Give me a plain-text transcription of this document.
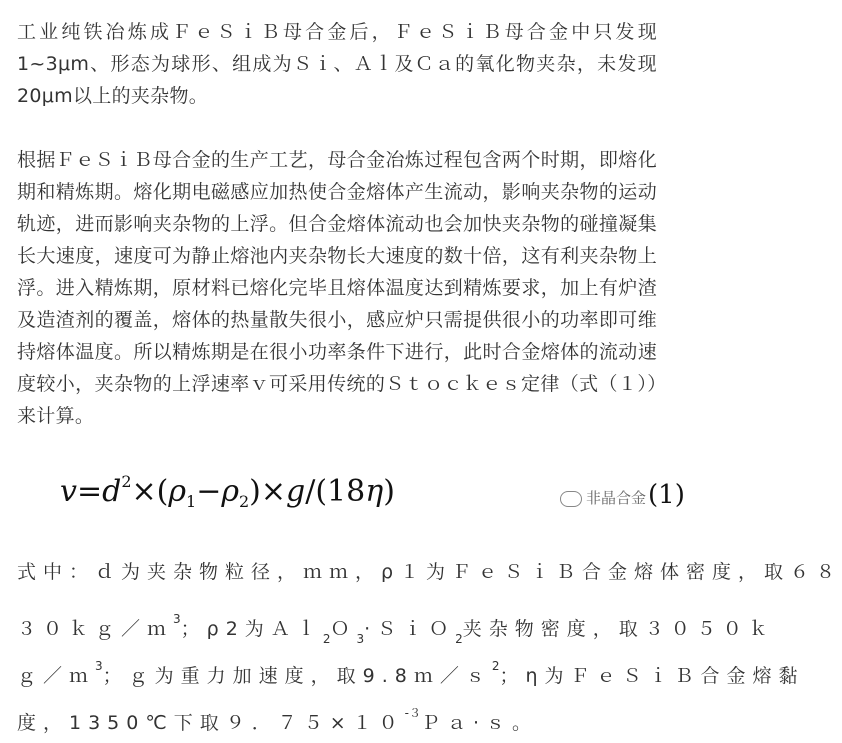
工业纯铁冶炼成ＦｅＳｉＢ母合金后，ＦｅＳｉＢ母合金中只发现1~3μm、形态为球形、组成为Ｓｉ、Ａｌ及Ｃａ的氧化物夹杂，未发现20μm以上的夹杂物。

根据ＦｅＳｉＢ母合金的生产工艺，母合金冶炼过程包含两个时期，即熔化期和精炼期。熔化期电磁感应加热使合金熔体产生流动，影响夹杂物的运动轨迹，进而影响夹杂物的上浮。但合金熔体流动也会加快夹杂物的碰撞凝集长大速度，速度可为静止熔池内夹杂物长大速度的数十倍，这有利夹杂物上浮。进入精炼期，原材料已熔化完毕且熔体温度达到精炼要求，加上有炉渣及造渣剂的覆盖，熔体的热量散失很小，感应炉只需提供很小的功率即可维持熔体温度。所以精炼期是在很小功率条件下进行，此时合金熔体的流动速度较小，夹杂物的上浮速率ｖ可采用传统的Ｓｔｏｃｋｅｓ定律（式（１））来计算。

$v=d^2\times(\rho_1-\rho_2)\times g/(18\eta)$	非晶合金(1)
式中：ｄ为夹杂物粒径，ｍｍ，ρ１为ＦｅＳｉＢ合金熔体密度，取６８
３０ｋｇ／ｍ$^3$；ρ2为Ａｌ$_2$Ｏ$_3$·ＳｉＯ$_2$夹杂物密度，取３０５０ｋ
ｇ／ｍ$^3$；ｇ为重力加速度，取9.8ｍ／ｓ$^2$；η为ＦｅＳｉＢ合金熔黏
度，1350℃下取９．$75\times 10^{-3}Pa\cdot s$。
